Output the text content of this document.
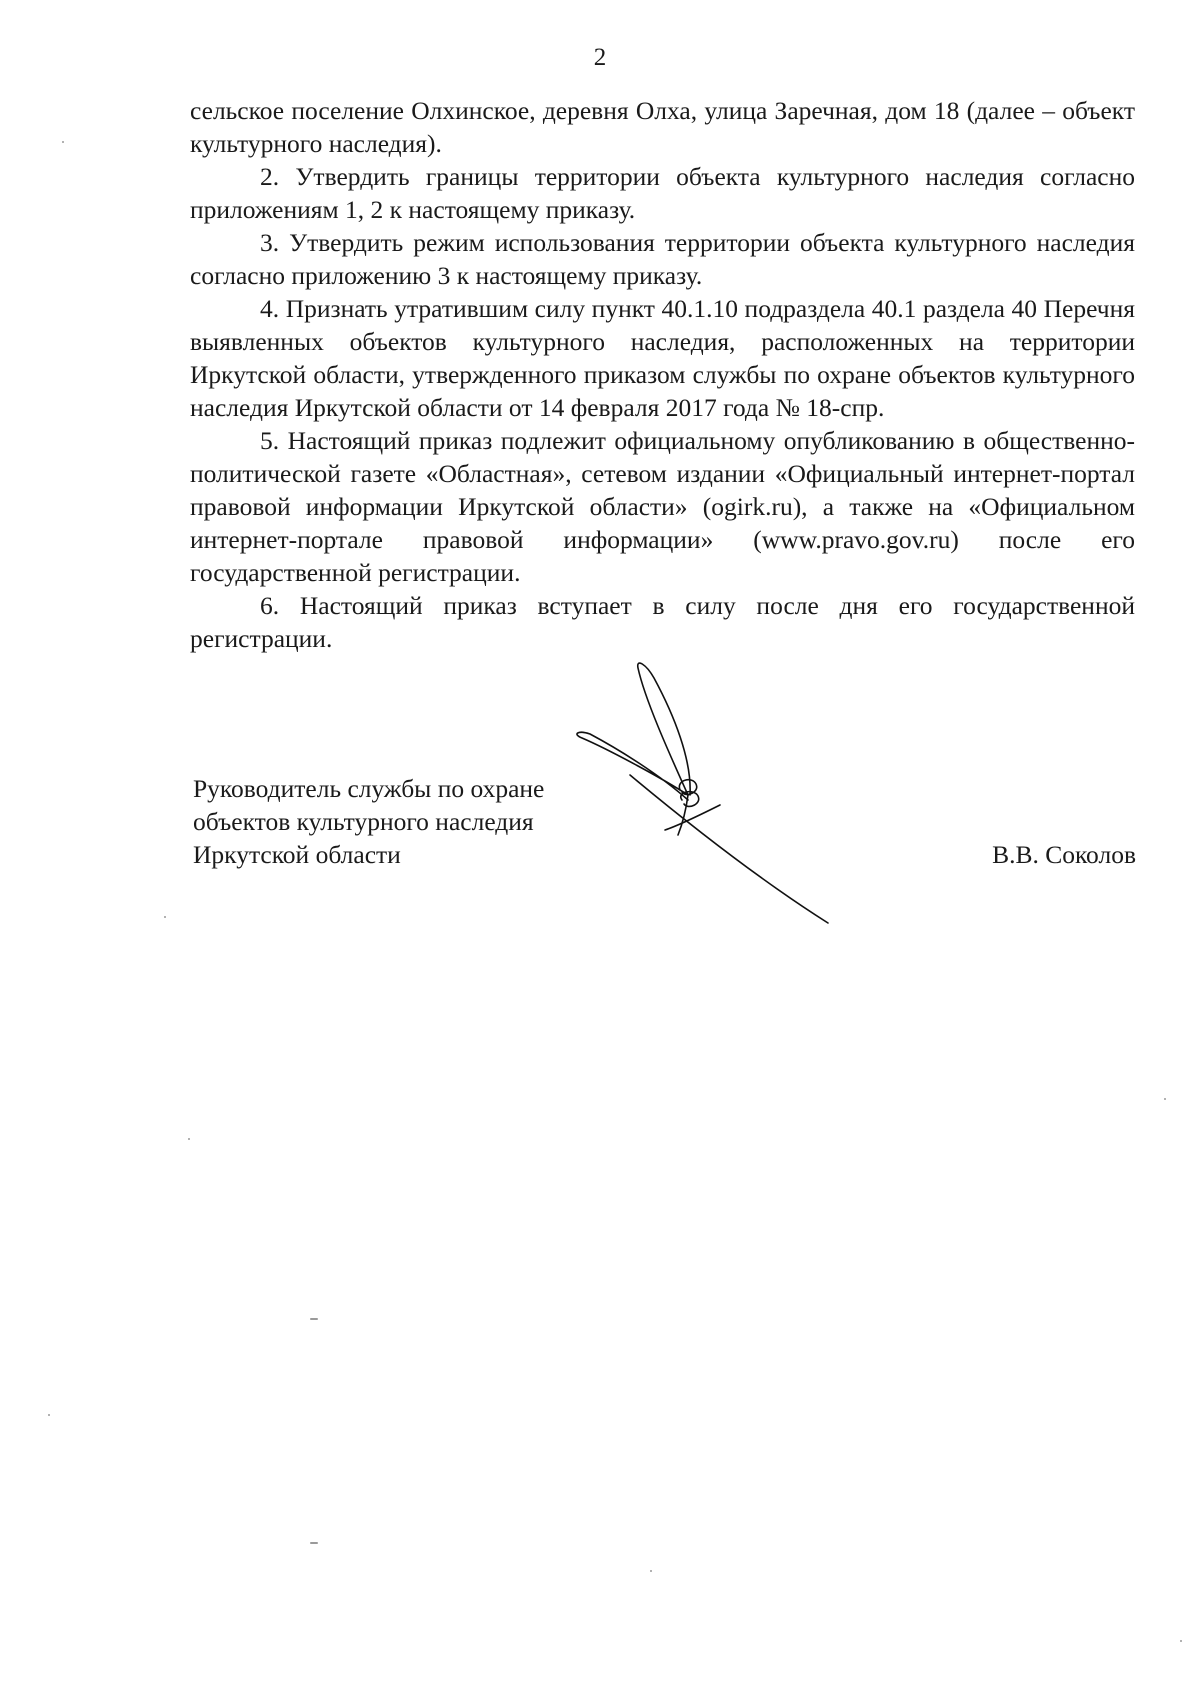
2

сельское поселение Олхинское, деревня Олха, улица Заречная, дом 18 (далее – объект культурного наследия).

2. Утвердить границы территории объекта культурного наследия согласно приложениям 1, 2 к настоящему приказу.

3. Утвердить режим использования территории объекта культурного наследия согласно приложению 3 к настоящему приказу.

4. Признать утратившим силу пункт 40.1.10 подраздела 40.1 раздела 40 Перечня выявленных объектов культурного наследия, расположенных на территории Иркутской области, утвержденного приказом службы по охране объектов культурного наследия Иркутской области от 14 февраля 2017 года № 18-спр.

5. Настоящий приказ подлежит официальному опубликованию в общественно-политической газете «Областная», сетевом издании «Официальный интернет-портал правовой информации Иркутской области» (ogirk.ru), а также на «Официальном интернет-портале правовой информации» (www.pravo.gov.ru) после его государственной регистрации.

6. Настоящий приказ вступает в силу после дня его государственной регистрации.

Руководитель службы по охране
объектов культурного наследия
Иркутской области	В.В. Соколов
